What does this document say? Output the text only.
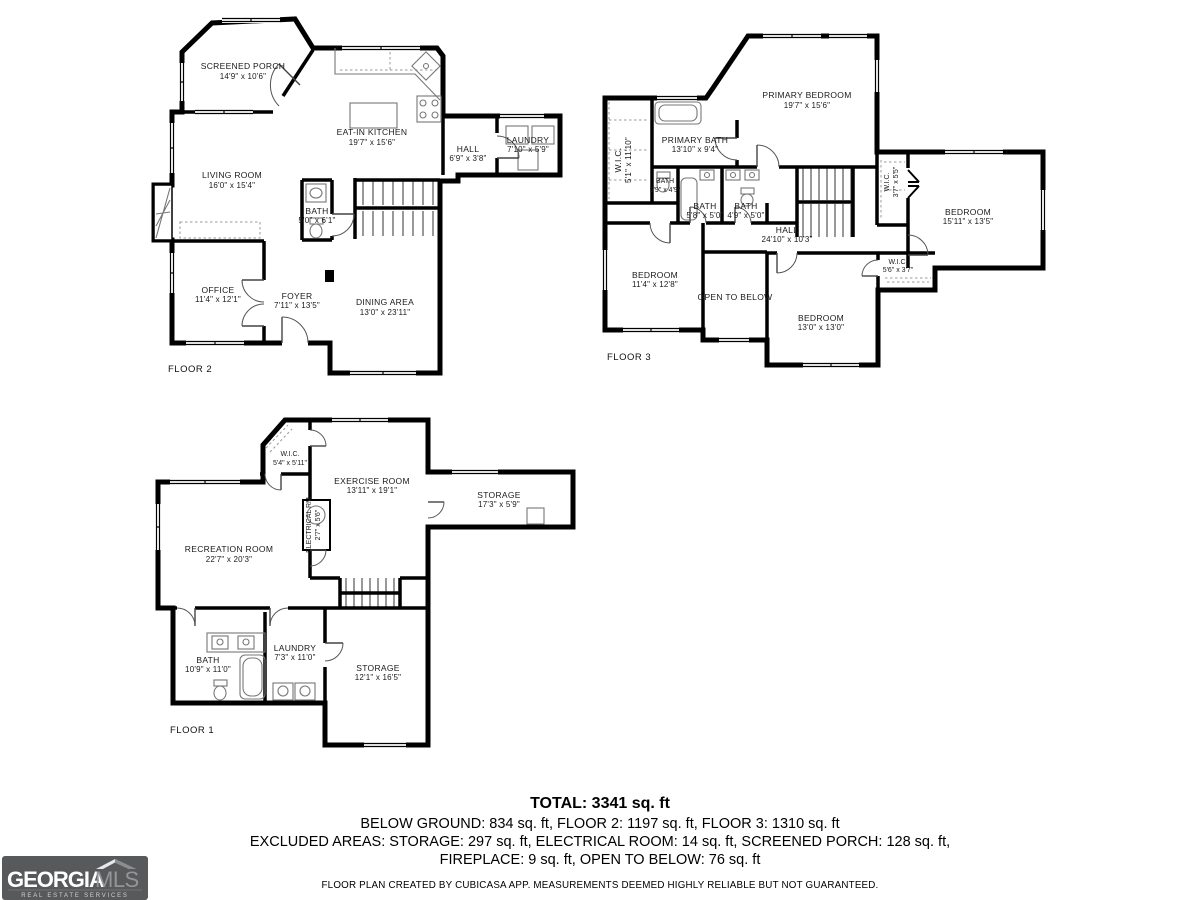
SCREENED PORCH
14'9" x 10'6"
EAT-IN KITCHEN
19'7" x 15'6"
HALL
6'9" x 3'8"
LAUNDRY
7'10" x 5'9"
LIVING ROOM
16'0" x 15'4"
BATH
5'0" x 6'1"
OFFICE
11'4" x 12'1"	FOYER
7'11" x 13'5"	DINING AREA
13'0" x 23'11"
FLOOR 2
PRIMARY BEDROOM
19'7" x 15'6"
PRIMARY BATH
13'10" x 9'4"
W.I.C. 5'1" x 11'10"	BATH
5'9" x 4'9"
BATH
5'8" x 5'0"
BATH
4'9" x 5'0"
HALL
24'10" x 10'3"
W.I.C. 3'7" x 5'5"
BEDROOM
15'11" x 13'5"
BEDROOM
11'4" x 12'8"
OPEN TO BELOW
BEDROOM
13'0" x 13'0"
W.I.C.
5'6" x 3'7"
FLOOR 3
W.I.C.
5'4" x 5'11"
EXERCISE ROOM
13'11" x 19'1"	STORAGE
17'3" x 5'9"
RECREATION ROOM
22'7" x 20'3"
ELECTRICAL RM 2'7" x 5'6"
BATH
10'9" x 11'0"
LAUNDRY
7'3" x 11'0"
STORAGE
12'1" x 16'5"
FLOOR 1
TOTAL: 3341 sq. ft
BELOW GROUND: 834 sq. ft, FLOOR 2: 1197 sq. ft, FLOOR 3: 1310 sq. ft
EXCLUDED AREAS: STORAGE: 297 sq. ft, ELECTRICAL ROOM: 14 sq. ft, SCREENED PORCH: 128 sq. ft,
FIREPLACE: 9 sq. ft, OPEN TO BELOW: 76 sq. ft
FLOOR PLAN CREATED BY CUBICASA APP. MEASUREMENTS DEEMED HIGHLY RELIABLE BUT NOT GUARANTEED.
GEORGIA
MLS
REAL ESTATE SERVICES
